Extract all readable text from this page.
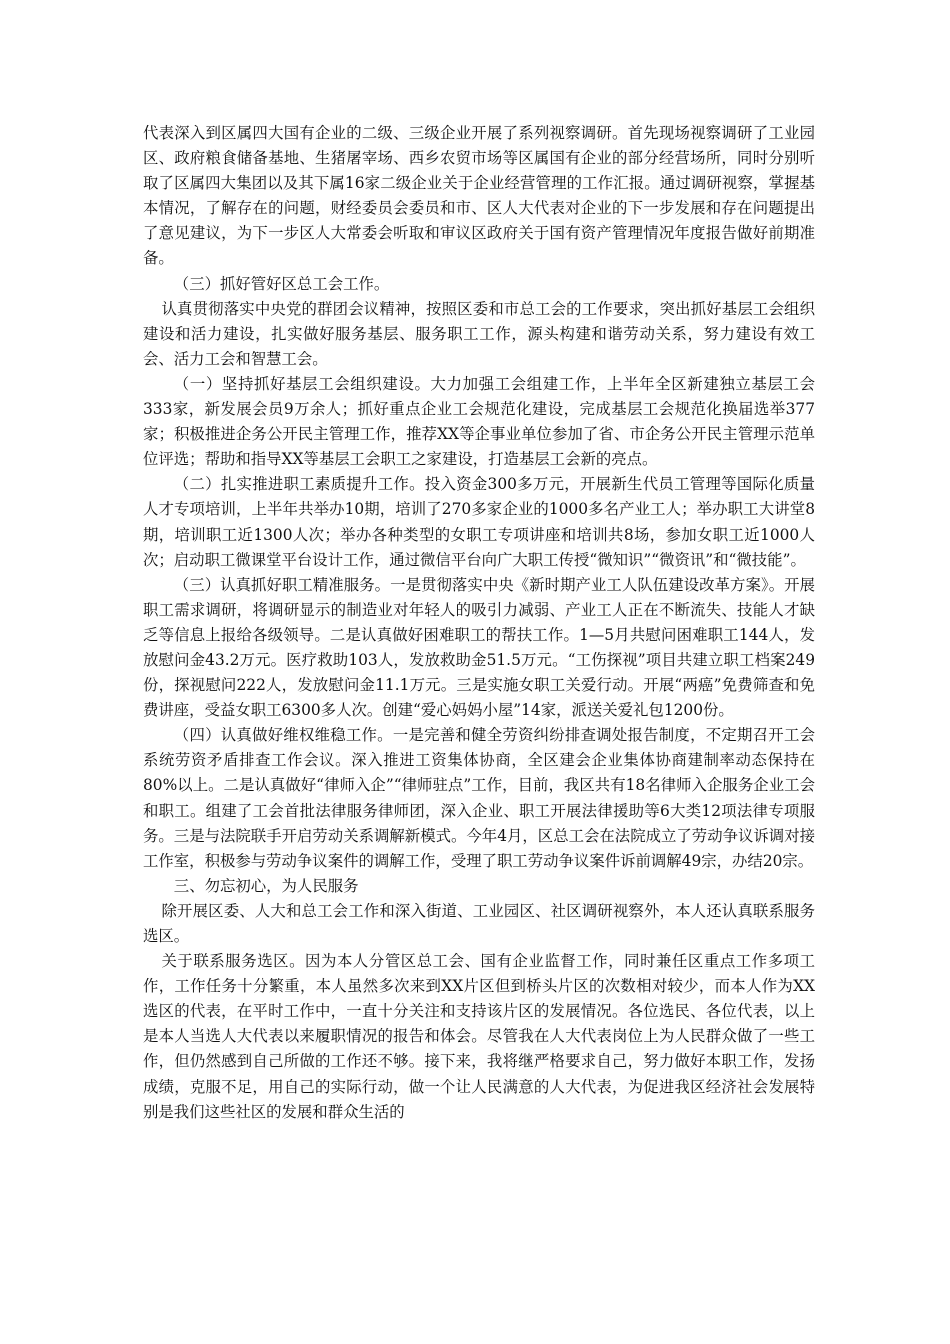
代表深入到区属四大国有企业的二级、三级企业开展了系列视察调研。首先现场视察调研了工业园区、政府粮食储备基地、生猪屠宰场、西乡农贸市场等区属国有企业的部分经营场所，同时分别听取了区属四大集团以及其下属16家二级企业关于企业经营管理的工作汇报。通过调研视察，掌握基本情况，了解存在的问题，财经委员会委员和市、区人大代表对企业的下一步发展和存在问题提出了意见建议，为下一步区人大常委会听取和审议区政府关于国有资产管理情况年度报告做好前期准备。

（三）抓好管好区总工会工作。

认真贯彻落实中央党的群团会议精神，按照区委和市总工会的工作要求，突出抓好基层工会组织建设和活力建设，扎实做好服务基层、服务职工工作，源头构建和谐劳动关系，努力建设有效工会、活力工会和智慧工会。

（一）坚持抓好基层工会组织建设。大力加强工会组建工作，上半年全区新建独立基层工会333家，新发展会员9万余人；抓好重点企业工会规范化建设，完成基层工会规范化换届选举377家；积极推进企务公开民主管理工作，推荐XX等企事业单位参加了省、市企务公开民主管理示范单位评选；帮助和指导XX等基层工会职工之家建设，打造基层工会新的亮点。

（二）扎实推进职工素质提升工作。投入资金300多万元，开展新生代员工管理等国际化质量人才专项培训，上半年共举办10期，培训了270多家企业的1000多名产业工人；举办职工大讲堂8期，培训职工近1300人次；举办各种类型的女职工专项讲座和培训共8场，参加女职工近1000人次；启动职工微课堂平台设计工作，通过微信平台向广大职工传授“微知识”“微资讯”和“微技能”。

（三）认真抓好职工精准服务。一是贯彻落实中央《新时期产业工人队伍建设改革方案》。开展职工需求调研，将调研显示的制造业对年轻人的吸引力减弱、产业工人正在不断流失、技能人才缺乏等信息上报给各级领导。二是认真做好困难职工的帮扶工作。1—5月共慰问困难职工144人，发放慰问金43.2万元。医疗救助103人，发放救助金51.5万元。“工伤探视”项目共建立职工档案249份，探视慰问222人，发放慰问金11.1万元。三是实施女职工关爱行动。开展“两癌”免费筛查和免费讲座，受益女职工6300多人次。创建“爱心妈妈小屋”14家，派送关爱礼包1200份。

（四）认真做好维权维稳工作。一是完善和健全劳资纠纷排查调处报告制度，不定期召开工会系统劳资矛盾排查工作会议。深入推进工资集体协商，全区建会企业集体协商建制率动态保持在80%以上。二是认真做好“律师入企”“律师驻点”工作，目前，我区共有18名律师入企服务企业工会和职工。组建了工会首批法律服务律师团，深入企业、职工开展法律援助等6大类12项法律专项服务。三是与法院联手开启劳动关系调解新模式。今年4月，区总工会在法院成立了劳动争议诉调对接工作室，积极参与劳动争议案件的调解工作，受理了职工劳动争议案件诉前调解49宗，办结20宗。

三、勿忘初心，为人民服务

除开展区委、人大和总工会工作和深入街道、工业园区、社区调研视察外，本人还认真联系服务选区。

关于联系服务选区。因为本人分管区总工会、国有企业监督工作，同时兼任区重点工作多项工作，工作任务十分繁重，本人虽然多次来到XX片区但到桥头片区的次数相对较少，而本人作为XX选区的代表，在平时工作中，一直十分关注和支持该片区的发展情况。各位选民、各位代表，以上是本人当选人大代表以来履职情况的报告和体会。尽管我在人大代表岗位上为人民群众做了一些工作，但仍然感到自己所做的工作还不够。接下来，我将继严格要求自己，努力做好本职工作，发扬成绩，克服不足，用自己的实际行动，做一个让人民满意的人大代表，为促进我区经济社会发展特别是我们这些社区的发展和群众生活的
